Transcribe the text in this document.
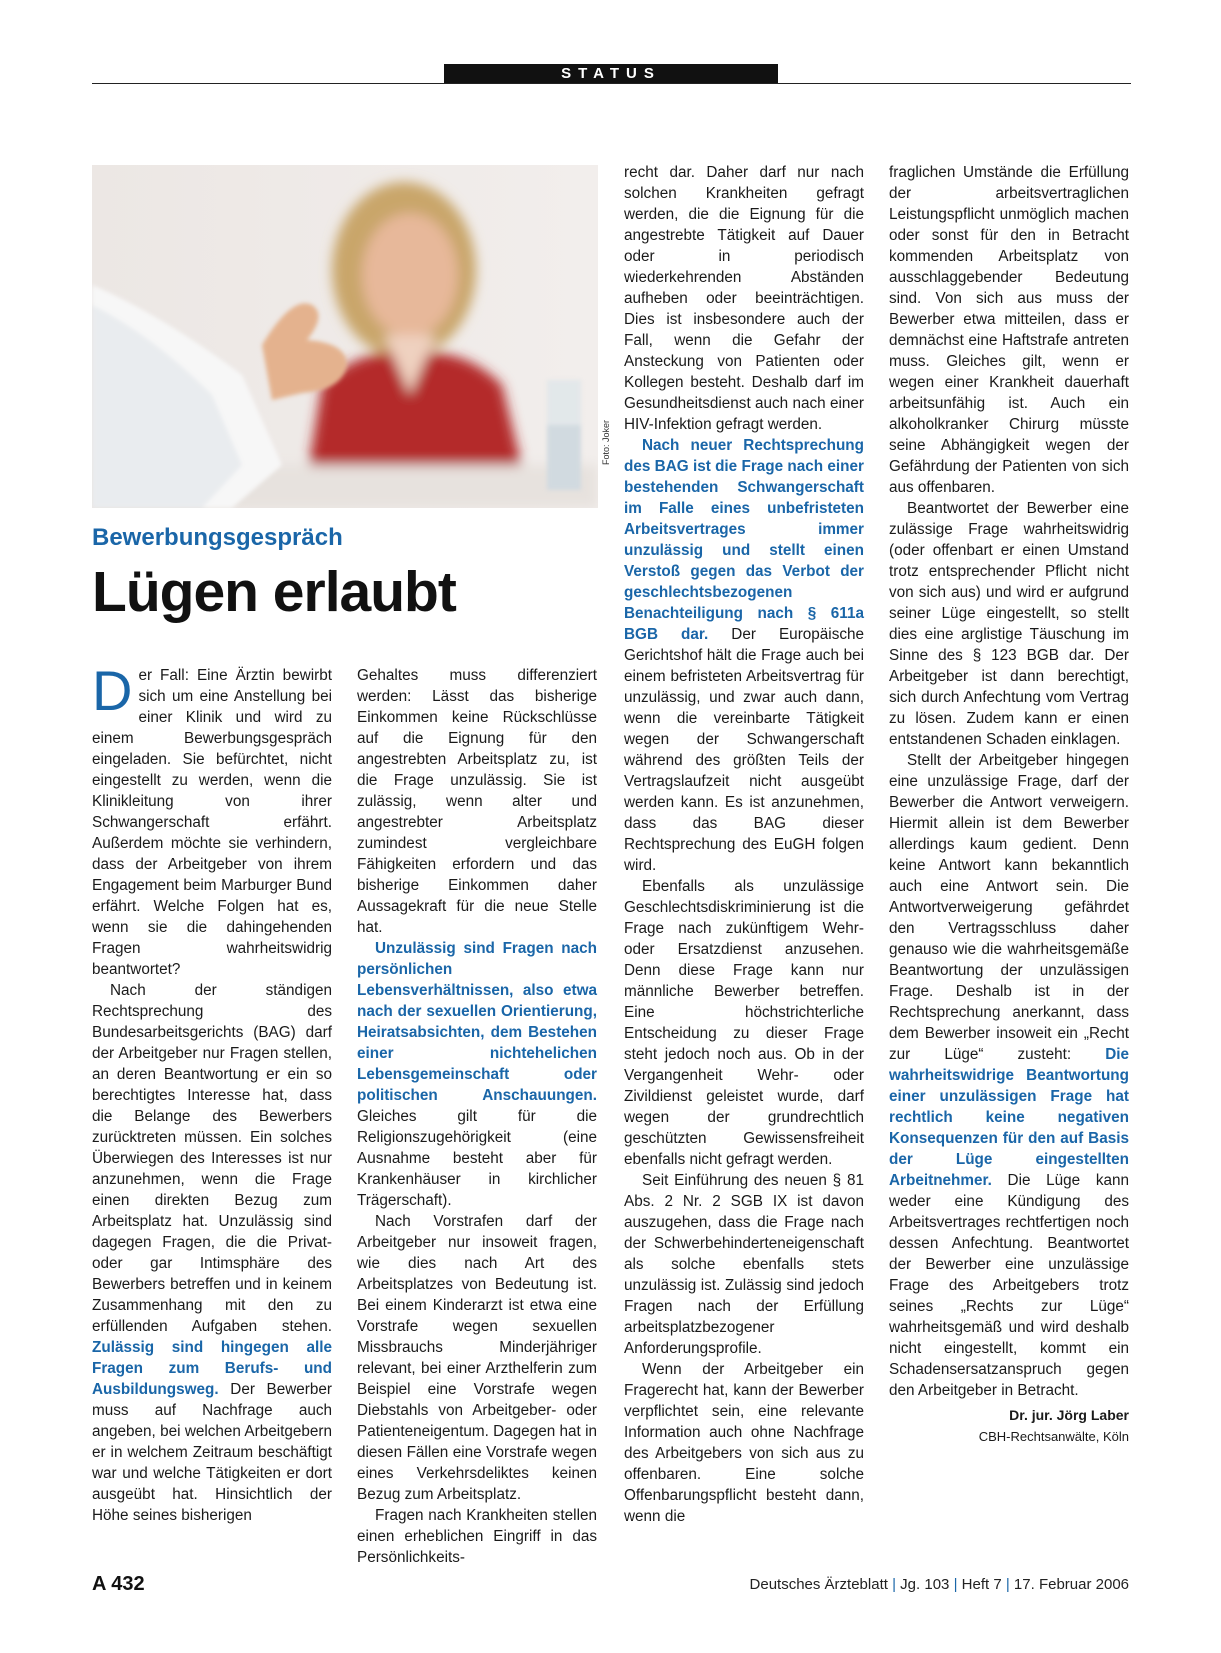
STATUS
Foto: Joker
Bewerbungsgespräch
Lügen erlaubt

Der Fall: Eine Ärztin bewirbt sich um eine Anstellung bei einer Klinik und wird zu einem Bewerbungsgespräch eingeladen. Sie befürchtet, nicht eingestellt zu werden, wenn die Klinikleitung von ihrer Schwangerschaft erfährt. Außerdem möchte sie verhindern, dass der Arbeitgeber von ihrem Engagement beim Marburger Bund erfährt. Welche Folgen hat es, wenn sie die dahingehenden Fragen wahrheitswidrig beantwortet?

Nach der ständigen Rechtsprechung des Bundesarbeitsgerichts (BAG) darf der Arbeitgeber nur Fragen stellen, an deren Beantwortung er ein so berechtigtes Interesse hat, dass die Belange des Bewerbers zurücktreten müssen. Ein solches Überwiegen des Interesses ist nur anzunehmen, wenn die Frage einen direkten Bezug zum Arbeitsplatz hat. Unzulässig sind dagegen Fragen, die die Privat- oder gar Intimsphäre des Bewerbers betreffen und in keinem Zusammenhang mit den zu erfüllenden Aufgaben stehen. Zulässig sind hingegen alle Fragen zum Berufs- und Ausbildungsweg. Der Bewerber muss auf Nachfrage auch angeben, bei welchen Arbeitgebern er in welchem Zeitraum beschäftigt war und welche Tätigkeiten er dort ausgeübt hat. Hinsichtlich der Höhe seines bisherigen

Gehaltes muss differenziert werden: Lässt das bisherige Einkommen keine Rückschlüsse auf die Eignung für den angestrebten Arbeitsplatz zu, ist die Frage unzulässig. Sie ist zulässig, wenn alter und angestrebter Arbeitsplatz zumindest vergleichbare Fähigkeiten erfordern und das bisherige Einkommen daher Aussagekraft für die neue Stelle hat.

Unzulässig sind Fragen nach persönlichen Lebensverhältnissen, also etwa nach der sexuellen Orientierung, Heiratsabsichten, dem Bestehen einer nichtehelichen Lebensgemeinschaft oder politischen Anschauungen. Gleiches gilt für die Religionszugehörigkeit (eine Ausnahme besteht aber für Krankenhäuser in kirchlicher Trägerschaft).

Nach Vorstrafen darf der Arbeitgeber nur insoweit fragen, wie dies nach Art des Arbeitsplatzes von Bedeutung ist. Bei einem Kinderarzt ist etwa eine Vorstrafe wegen sexuellen Missbrauchs Minderjähriger relevant, bei einer Arzthelferin zum Beispiel eine Vorstrafe wegen Diebstahls von Arbeitgeber- oder Patienteneigentum. Dagegen hat in diesen Fällen eine Vorstrafe wegen eines Verkehrsdeliktes keinen Bezug zum Arbeitsplatz.

Fragen nach Krankheiten stellen einen erheblichen Eingriff in das Persönlichkeits-

recht dar. Daher darf nur nach solchen Krankheiten gefragt werden, die die Eignung für die angestrebte Tätigkeit auf Dauer oder in periodisch wiederkehrenden Abständen aufheben oder beeinträchtigen. Dies ist insbesondere auch der Fall, wenn die Gefahr der Ansteckung von Patienten oder Kollegen besteht. Deshalb darf im Gesundheitsdienst auch nach einer HIV-Infektion gefragt werden.

Nach neuer Rechtsprechung des BAG ist die Frage nach einer bestehenden Schwangerschaft im Falle eines unbefristeten Arbeitsvertrages immer unzulässig und stellt einen Verstoß gegen das Verbot der geschlechtsbezogenen Benachteiligung nach § 611a BGB dar. Der Europäische Gerichtshof hält die Frage auch bei einem befristeten Arbeitsvertrag für unzulässig, und zwar auch dann, wenn die vereinbarte Tätigkeit wegen der Schwangerschaft während des größten Teils der Vertragslaufzeit nicht ausgeübt werden kann. Es ist anzunehmen, dass das BAG dieser Rechtsprechung des EuGH folgen wird.

Ebenfalls als unzulässige Geschlechtsdiskriminierung ist die Frage nach zukünftigem Wehr- oder Ersatzdienst anzusehen. Denn diese Frage kann nur männliche Bewerber betreffen. Eine höchstrichterliche Entscheidung zu dieser Frage steht jedoch noch aus. Ob in der Vergangenheit Wehr- oder Zivildienst geleistet wurde, darf wegen der grundrechtlich geschützten Gewissensfreiheit ebenfalls nicht gefragt werden.

Seit Einführung des neuen § 81 Abs. 2 Nr. 2 SGB IX ist davon auszugehen, dass die Frage nach der Schwerbehinderteneigenschaft als solche ebenfalls stets unzulässig ist. Zulässig sind jedoch Fragen nach der Erfüllung arbeitsplatzbezogener Anforderungsprofile.

Wenn der Arbeitgeber ein Fragerecht hat, kann der Bewerber verpflichtet sein, eine relevante Information auch ohne Nachfrage des Arbeitgebers von sich aus zu offenbaren. Eine solche Offenbarungspflicht besteht dann, wenn die

fraglichen Umstände die Erfüllung der arbeitsvertraglichen Leistungspflicht unmöglich machen oder sonst für den in Betracht kommenden Arbeitsplatz von ausschlaggebender Bedeutung sind. Von sich aus muss der Bewerber etwa mitteilen, dass er demnächst eine Haftstrafe antreten muss. Gleiches gilt, wenn er wegen einer Krankheit dauerhaft arbeitsunfähig ist. Auch ein alkoholkranker Chirurg müsste seine Abhängigkeit wegen der Gefährdung der Patienten von sich aus offenbaren.

Beantwortet der Bewerber eine zulässige Frage wahrheitswidrig (oder offenbart er einen Umstand trotz entsprechender Pflicht nicht von sich aus) und wird er aufgrund seiner Lüge eingestellt, so stellt dies eine arglistige Täuschung im Sinne des § 123 BGB dar. Der Arbeitgeber ist dann berechtigt, sich durch Anfechtung vom Vertrag zu lösen. Zudem kann er einen entstandenen Schaden einklagen.

Stellt der Arbeitgeber hingegen eine unzulässige Frage, darf der Bewerber die Antwort verweigern. Hiermit allein ist dem Bewerber allerdings kaum gedient. Denn keine Antwort kann bekanntlich auch eine Antwort sein. Die Antwortverweigerung gefährdet den Vertragsschluss daher genauso wie die wahrheitsgemäße Beantwortung der unzulässigen Frage. Deshalb ist in der Rechtsprechung anerkannt, dass dem Bewerber insoweit ein „Recht zur Lüge“ zusteht: Die wahrheitswidrige Beantwortung einer unzulässigen Frage hat rechtlich keine negativen Konsequenzen für den auf Basis der Lüge eingestellten Arbeitnehmer. Die Lüge kann weder eine Kündigung des Arbeitsvertrages rechtfertigen noch dessen Anfechtung. Beantwortet der Bewerber eine unzulässige Frage des Arbeitgebers trotz seines „Rechts zur Lüge“ wahrheitsgemäß und wird deshalb nicht eingestellt, kommt ein Schadensersatzanspruch gegen den Arbeitgeber in Betracht.

Dr. jur. Jörg Laber
CBH-Rechtsanwälte, Köln
A 432	Deutsches Ärzteblatt | Jg. 103 | Heft 7 | 17. Februar 2006
